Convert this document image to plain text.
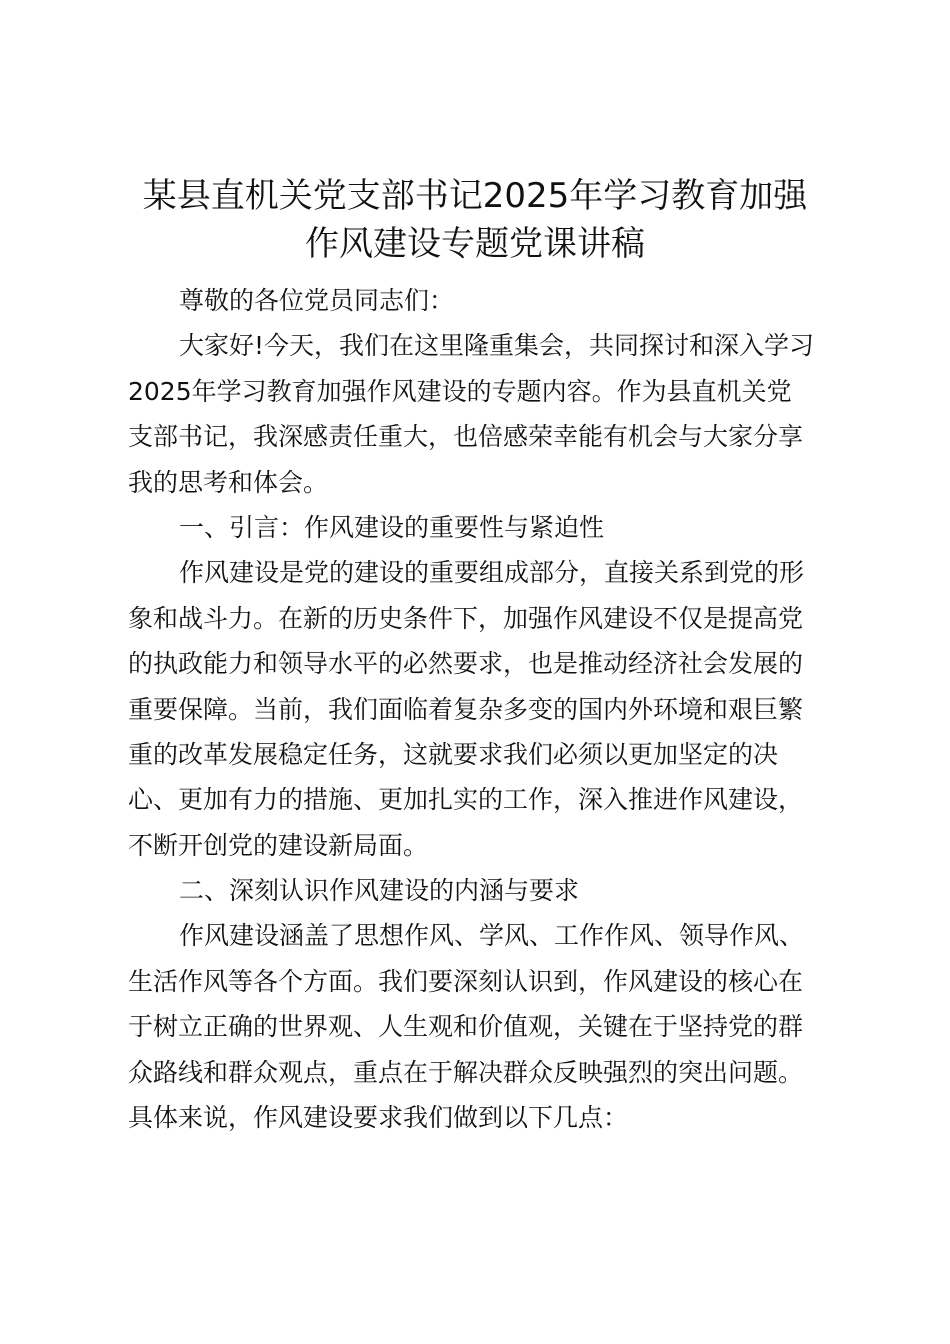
某县直机关党支部书记2025年学习教育加强
作风建设专题党课讲稿
尊敬的各位党员同志们：
大家好!今天，我们在这里隆重集会，共同探讨和深入学习
2025年学习教育加强作风建设的专题内容。作为县直机关党
支部书记，我深感责任重大，也倍感荣幸能有机会与大家分享
我的思考和体会。
一、引言：作风建设的重要性与紧迫性
作风建设是党的建设的重要组成部分，直接关系到党的形
象和战斗力。在新的历史条件下，加强作风建设不仅是提高党
的执政能力和领导水平的必然要求，也是推动经济社会发展的
重要保障。当前，我们面临着复杂多变的国内外环境和艰巨繁
重的改革发展稳定任务，这就要求我们必须以更加坚定的决
心、更加有力的措施、更加扎实的工作，深入推进作风建设，
不断开创党的建设新局面。
二、深刻认识作风建设的内涵与要求
作风建设涵盖了思想作风、学风、工作作风、领导作风、
生活作风等各个方面。我们要深刻认识到，作风建设的核心在
于树立正确的世界观、人生观和价值观，关键在于坚持党的群
众路线和群众观点，重点在于解决群众反映强烈的突出问题。
具体来说，作风建设要求我们做到以下几点：
